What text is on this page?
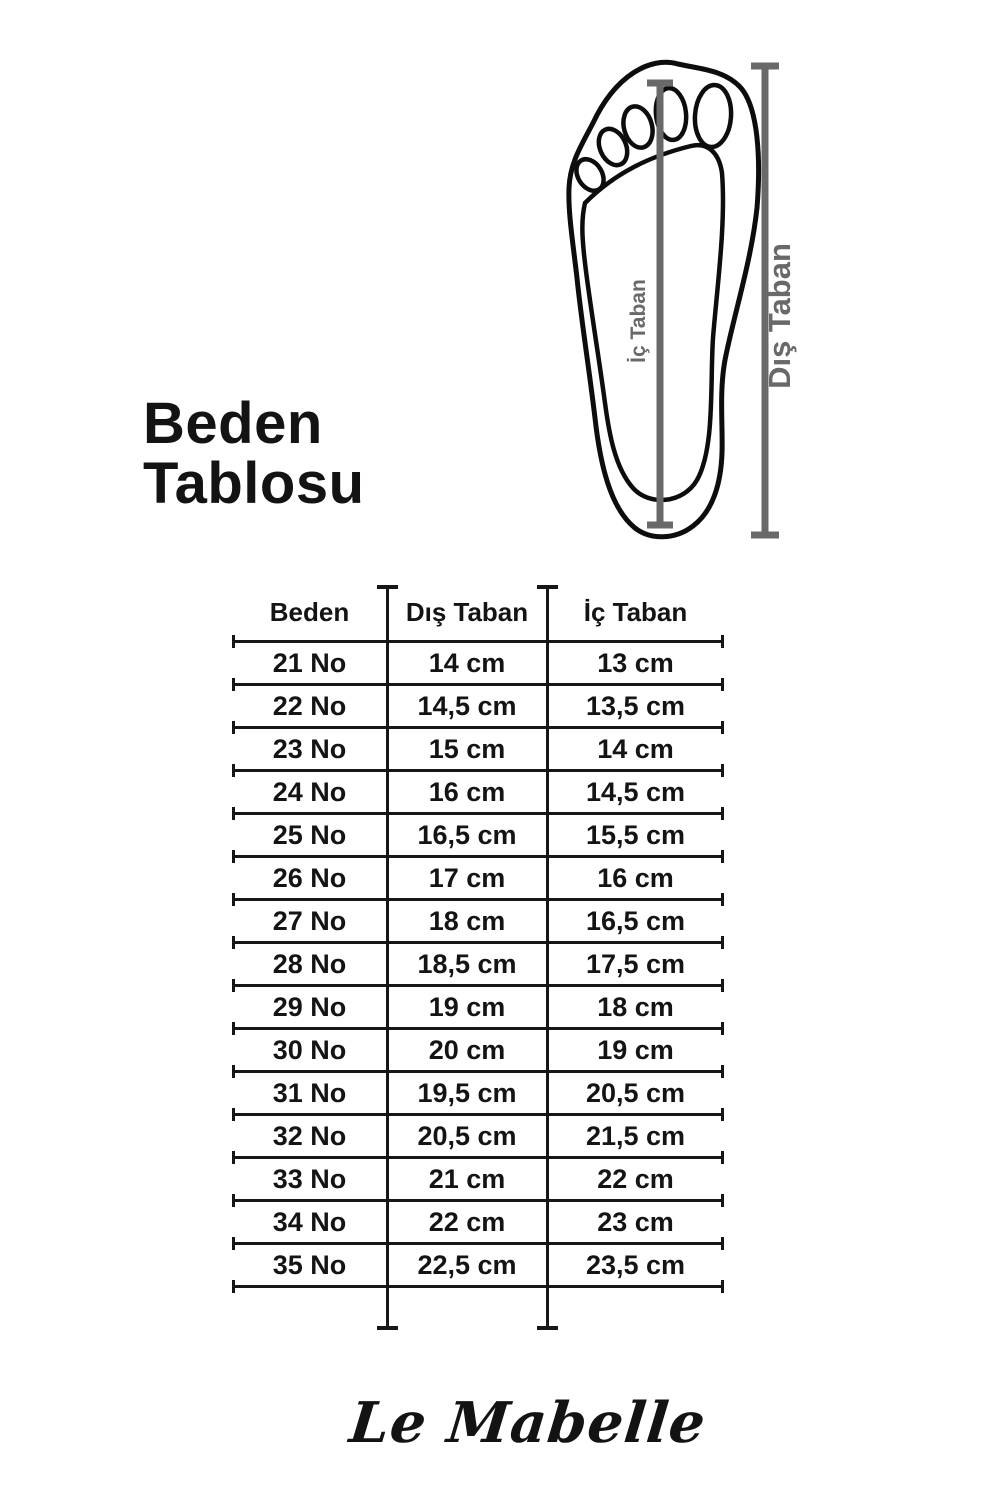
Beden
Tablosu
İç Taban	Dış Taban
Beden	Dış Taban	İç Taban
21 No	14 cm	13 cm
22 No	14,5 cm	13,5 cm
23 No	15 cm	14 cm
24 No	16 cm	14,5 cm
25 No	16,5 cm	15,5 cm
26 No	17 cm	16 cm
27 No	18 cm	16,5 cm
28 No	18,5 cm	17,5 cm
29 No	19 cm	18 cm
30 No	20 cm	19 cm
31 No	19,5 cm	20,5 cm
32 No	20,5 cm	21,5 cm
33 No	21 cm	22 cm
34 No	22 cm	23 cm
35 No	22,5 cm	23,5 cm
Le Mabelle
